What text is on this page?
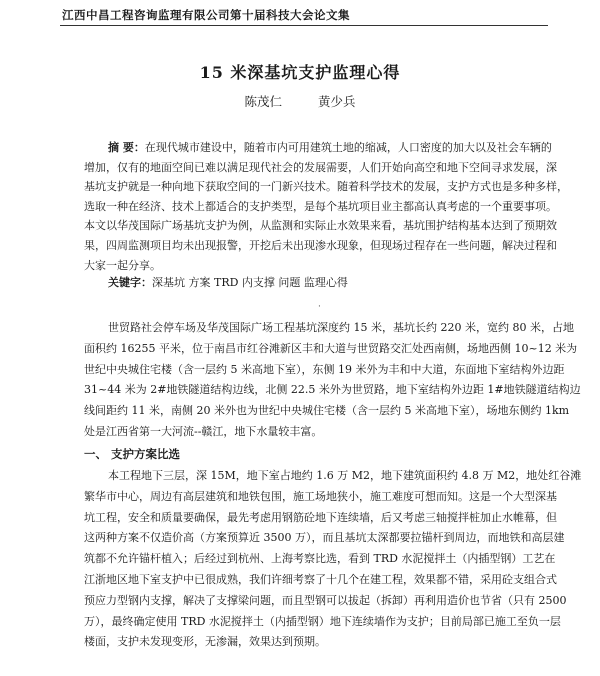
江西中昌工程咨询监理有限公司第十届科技大会论文集
15 米深基坑支护监理心得
陈茂仁	黄少兵
摘 要：在现代城市建设中，随着市内可用建筑土地的缩减，人口密度的加大以及社会车辆的
增加，仅有的地面空间已难以满足现代社会的发展需要，人们开始向高空和地下空间寻求发展，深
基坑支护就是一种向地下获取空间的一门新兴技术。随着科学技术的发展，支护方式也是多种多样，
选取一种在经济、技术上都适合的支护类型，是每个基坑项目业主都高认真考虑的一个重要事项。
本文以华茂国际广场基坑支护为例，从监测和实际止水效果来看，基坑围护结构基本达到了预期效
果，四周监测项目均未出现报警，开挖后未出现渗水现象，但现场过程存在一些问题，解决过程和
大家一起分享。
关键字：深基坑 方案 TRD 内支撑 问题 监理心得
·
世贸路社会停车场及华茂国际广场工程基坑深度约 15 米，基坑长约 220 米，宽约 80 米，占地
面积约 16255 平米，位于南昌市红谷滩新区丰和大道与世贸路交汇处西南侧，场地西侧 10~12 米为
世纪中央城住宅楼（含一层约 5 米高地下室），东侧 19 米外为丰和中大道，东面地下室结构外边距
31~44 米为 2#地铁隧道结构边线，北侧 22.5 米外为世贸路，地下室结构外边距 1#地铁隧道结构边
线间距约 11 米，南侧 20 米外也为世纪中央城住宅楼（含一层约 5 米高地下室），场地东侧约 1km
处是江西省第一大河流--赣江，地下水量较丰富。
一、 支护方案比选
本工程地下三层，深 15M，地下室占地约 1.6 万 M2，地下建筑面积约 4.8 万 M2，地处红谷滩
繁华市中心，周边有高层建筑和地铁包围，施工场地狭小，施工难度可想而知。这是一个大型深基
坑工程，安全和质量要确保，最先考虑用钢筋砼地下连续墙，后又考虑三轴搅拌桩加止水帷幕，但
这两种方案不仅造价高（方案预算近 3500 万），而且基坑太深都要拉锚杆到周边，而地铁和高层建
筑都不允许锚杆植入；后经过到杭州、上海考察比选，看到 TRD 水泥搅拌土（内插型钢）工艺在
江浙地区地下室支护中已很成熟，我们许细考察了十几个在建工程，效果都不错，采用砼支组合式
预应力型钢内支撑，解决了支撑梁问题，而且型钢可以拔起（拆卸）再利用造价也节省（只有 2500
万），最终确定使用 TRD 水泥搅拌土（内插型钢）地下连续墙作为支护；目前局部已施工至负一层
楼面，支护未发现变形，无渗漏，效果达到预期。
